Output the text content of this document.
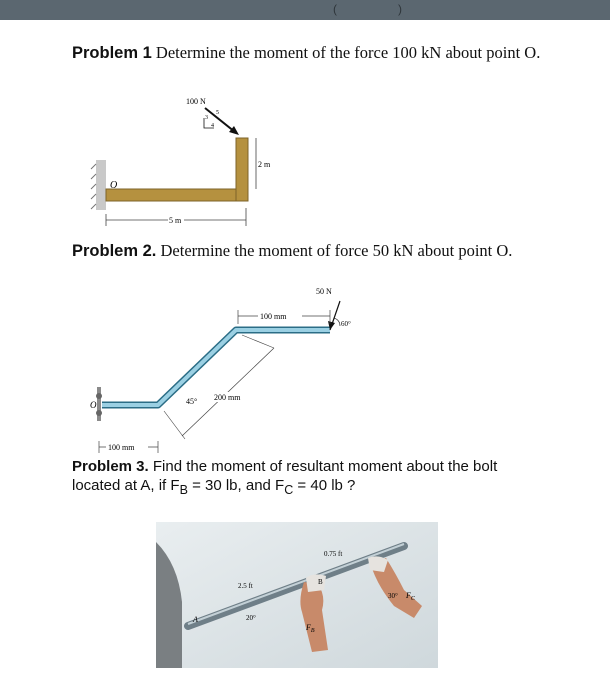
(	)
Problem 1 Determine the moment of the force 100 kN about point O.
O
100 N
5
3
4
2 m
5 m
Problem 2. Determine the moment of force 50 kN about point O.
O
50 N
60°
100 mm
45° 200 mm
100 mm
Problem 3. Find the moment of resultant moment about the bolt located at A, if $F_B = 30$ lb, and $F_C = 40$ lb ?
A
B
0.75 ft
2.5 ft
20°
30° $F_C$
$F_B$
